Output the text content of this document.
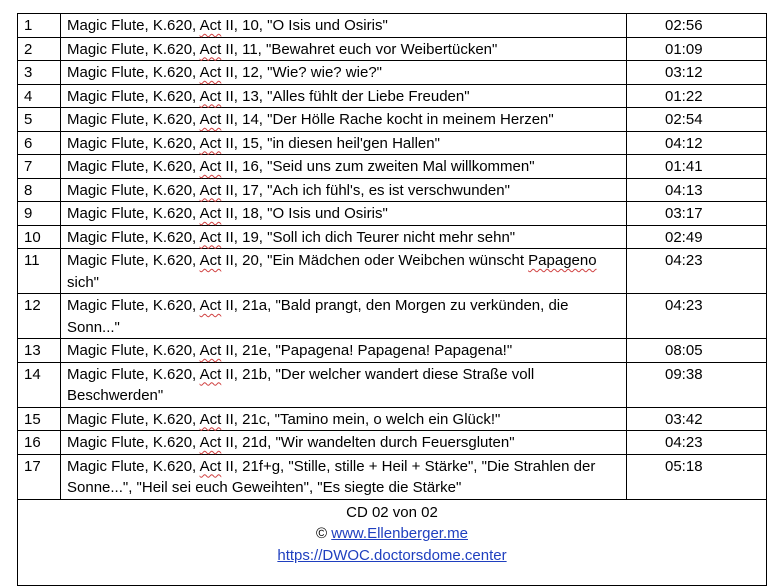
1	Magic Flute, K.620, Act II, 10, "O Isis und Osiris"	02:56
2	Magic Flute, K.620, Act II, 11, "Bewahret euch vor Weibertücken"	01:09
3	Magic Flute, K.620, Act II, 12, "Wie? wie? wie?"	03:12
4	Magic Flute, K.620, Act II, 13, "Alles fühlt der Liebe Freuden"	01:22
5	Magic Flute, K.620, Act II, 14, "Der Hölle Rache kocht in meinem Herzen"	02:54
6	Magic Flute, K.620, Act II, 15, "in diesen heil'gen Hallen"	04:12
7	Magic Flute, K.620, Act II, 16, "Seid uns zum zweiten Mal willkommen"	01:41
8	Magic Flute, K.620, Act II, 17, "Ach ich fühl's, es ist verschwunden"	04:13
9	Magic Flute, K.620, Act II, 18, "O Isis und Osiris"	03:17
10	Magic Flute, K.620, Act II, 19, "Soll ich dich Teurer nicht mehr sehn"	02:49
11	Magic Flute, K.620, Act II, 20, "Ein Mädchen oder Weibchen wünscht Papageno sich"	04:23
12	Magic Flute, K.620, Act II, 21a, "Bald prangt, den Morgen zu verkünden, die Sonn..."	04:23
13	Magic Flute, K.620, Act II, 21e, "Papagena! Papagena! Papagena!"	08:05
14	Magic Flute, K.620, Act II, 21b, "Der welcher wandert diese Straße voll Beschwerden"	09:38
15	Magic Flute, K.620, Act II, 21c, "Tamino mein, o welch ein Glück!"	03:42
16	Magic Flute, K.620, Act II, 21d, "Wir wandelten durch Feuersgluten"	04:23
17	Magic Flute, K.620, Act II, 21f+g, "Stille, stille + Heil + Stärke", "Die Strahlen der Sonne...", "Heil sei euch Geweihten", "Es siegte die Stärke"	05:18

CD 02 von 02
© www.Ellenberger.me
https://DWOC.doctorsdome.center		
